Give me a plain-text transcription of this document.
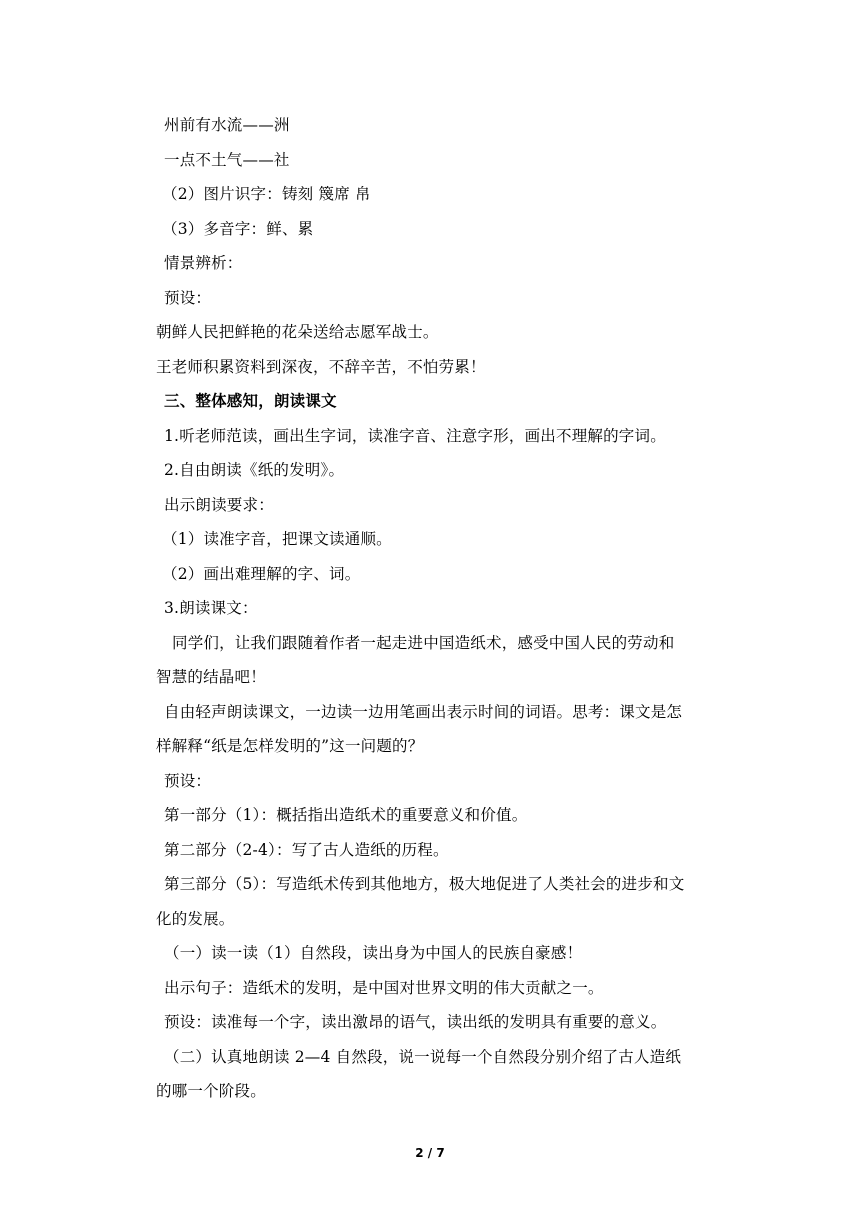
州前有水流——洲
一点不土气——社
（2）图片识字：铸刻 篾席 帛
（3）多音字：鲜、累
情景辨析：
预设：
朝鲜人民把鲜艳的花朵送给志愿军战士。
王老师积累资料到深夜，不辞辛苦，不怕劳累！
三、整体感知，朗读课文
1.听老师范读，画出生字词，读准字音、注意字形，画出不理解的字词。
2.自由朗读《纸的发明》。
出示朗读要求：
（1）读准字音，把课文读通顺。
（2）画出难理解的字、词。
3.朗读课文：
同学们，让我们跟随着作者一起走进中国造纸术，感受中国人民的劳动和
智慧的结晶吧！
自由轻声朗读课文，一边读一边用笔画出表示时间的词语。思考：课文是怎
样解释“纸是怎样发明的”这一问题的？
预设：
第一部分（1）：概括指出造纸术的重要意义和价值。
第二部分（2-4）：写了古人造纸的历程。
第三部分（5）：写造纸术传到其他地方，极大地促进了人类社会的进步和文
化的发展。
（一）读一读（1）自然段，读出身为中国人的民族自豪感！
出示句子：造纸术的发明，是中国对世界文明的伟大贡献之一。
预设：读准每一个字，读出激昂的语气，读出纸的发明具有重要的意义。
（二）认真地朗读 2—4 自然段，说一说每一个自然段分别介绍了古人造纸
的哪一个阶段。
2 / 7
